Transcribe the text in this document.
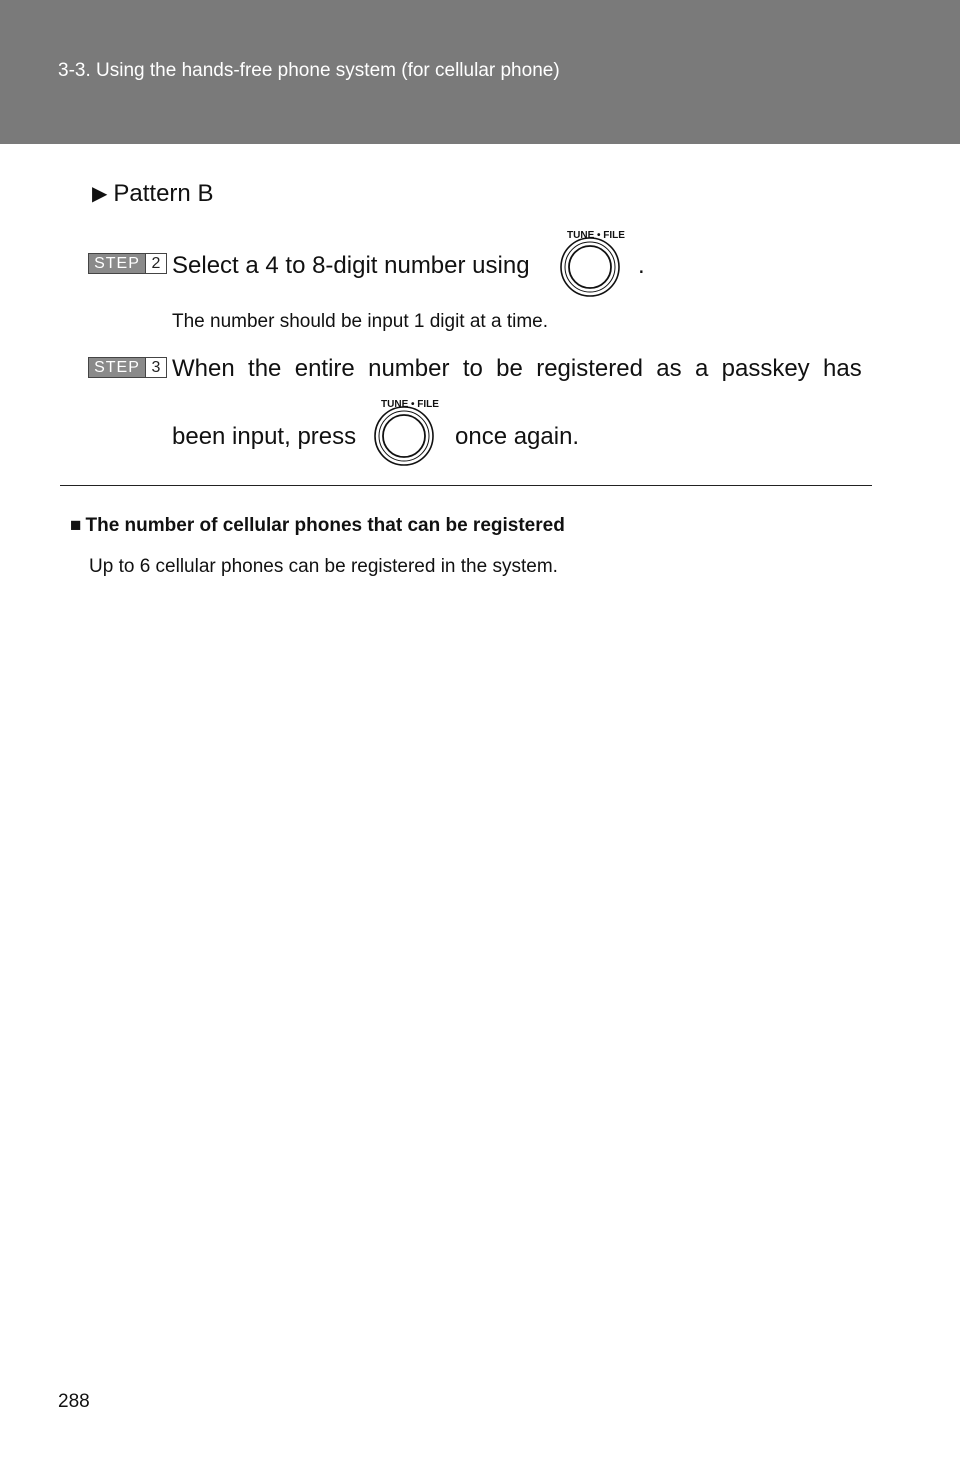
3-3. Using the hands-free phone system (for cellular phone)
▶ Pattern B
STEP 2 Select a 4 to 8-digit number using
TUNE • FILE
.
The number should be input 1 digit at a time.
STEP 3 When  the  entire  number  to  be  registered  as  a  passkey  has
been input, press
TUNE • FILE
once again.
■ The number of cellular phones that can be registered
Up to 6 cellular phones can be registered in the system.
288
